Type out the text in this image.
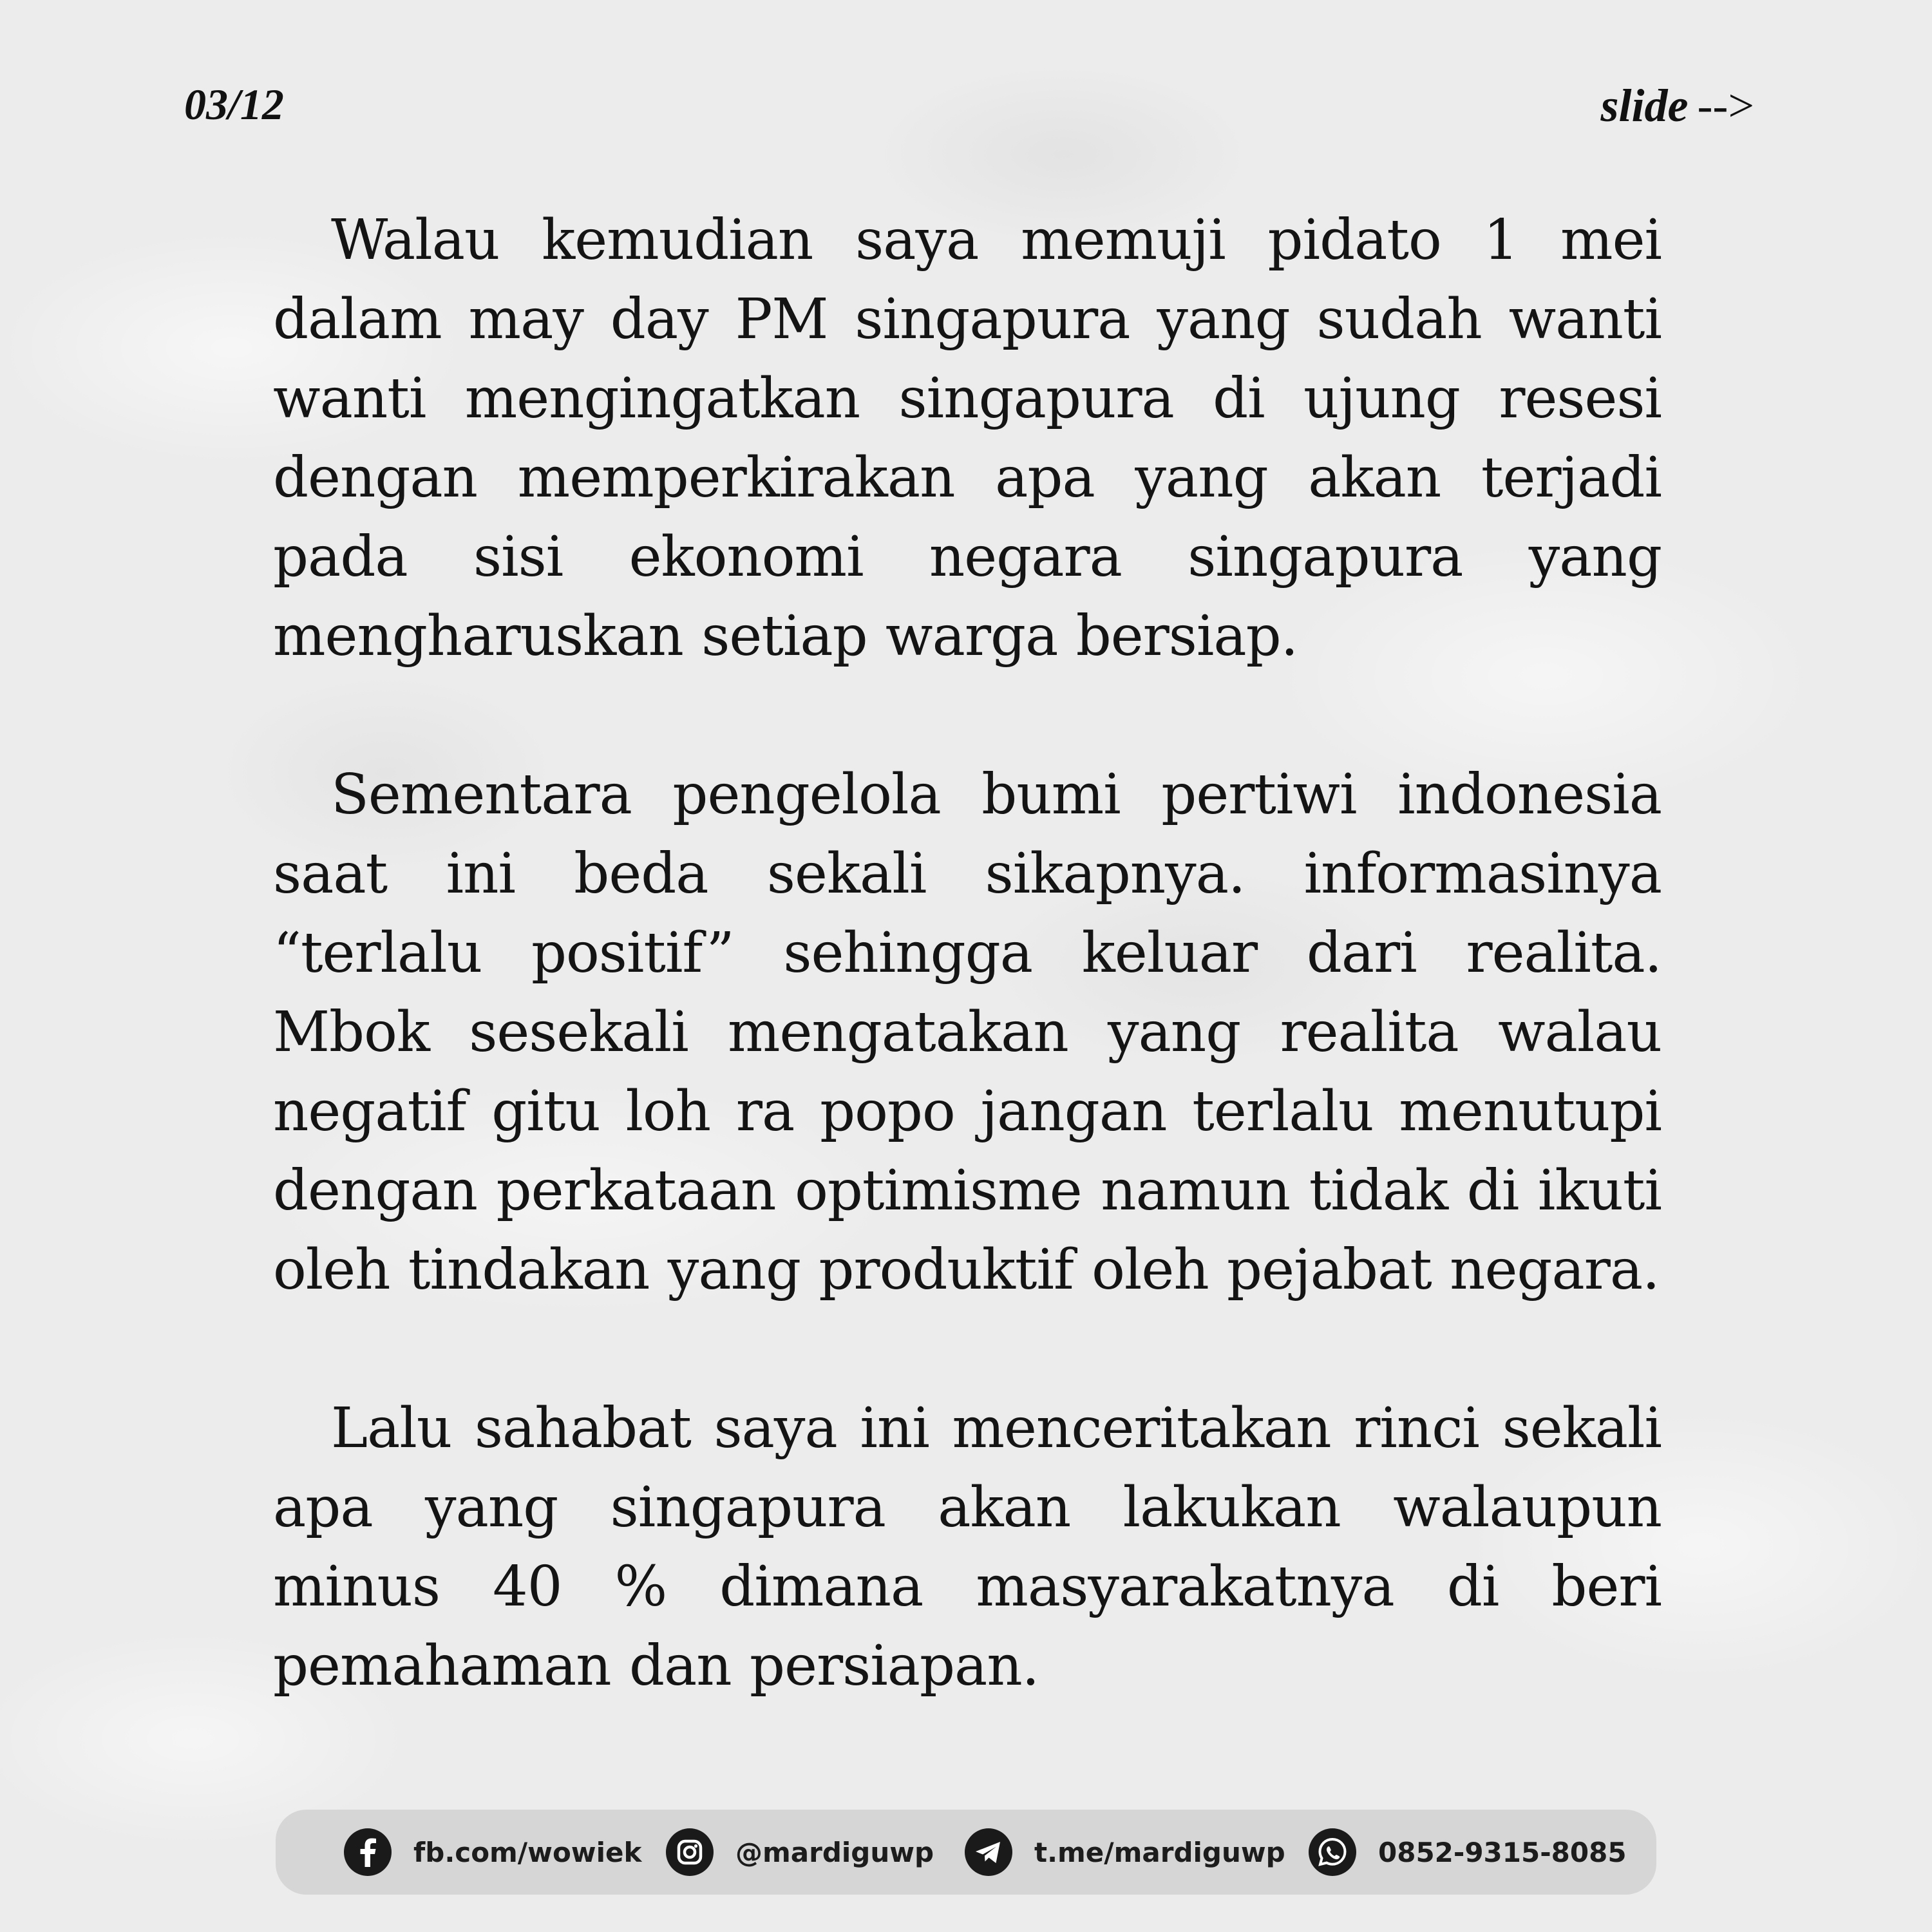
03/12	slide -->

Walau kemudian saya memuji pidato 1 mei dalam may day PM singapura yang sudah wanti wanti mengingatkan singapura di ujung resesi dengan memperkirakan apa yang akan terjadi pada sisi ekonomi negara singapura yang mengharuskan setiap warga bersiap.

Sementara pengelola bumi pertiwi indonesia saat ini beda sekali sikapnya. informasinya “terlalu positif” sehingga keluar dari realita. Mbok sesekali mengatakan yang realita walau negatif gitu loh ra popo jangan terlalu menutupi dengan perkataan optimisme namun tidak di ikuti oleh tindakan yang produktif oleh pejabat negara.

Lalu sahabat saya ini menceritakan rinci sekali apa yang singapura akan lakukan walaupun minus 40 % dimana masyarakatnya di beri pemahaman dan persiapan.

fb.com/wowiek	@mardiguwp	t.me/mardiguwp	0852-9315-8085
